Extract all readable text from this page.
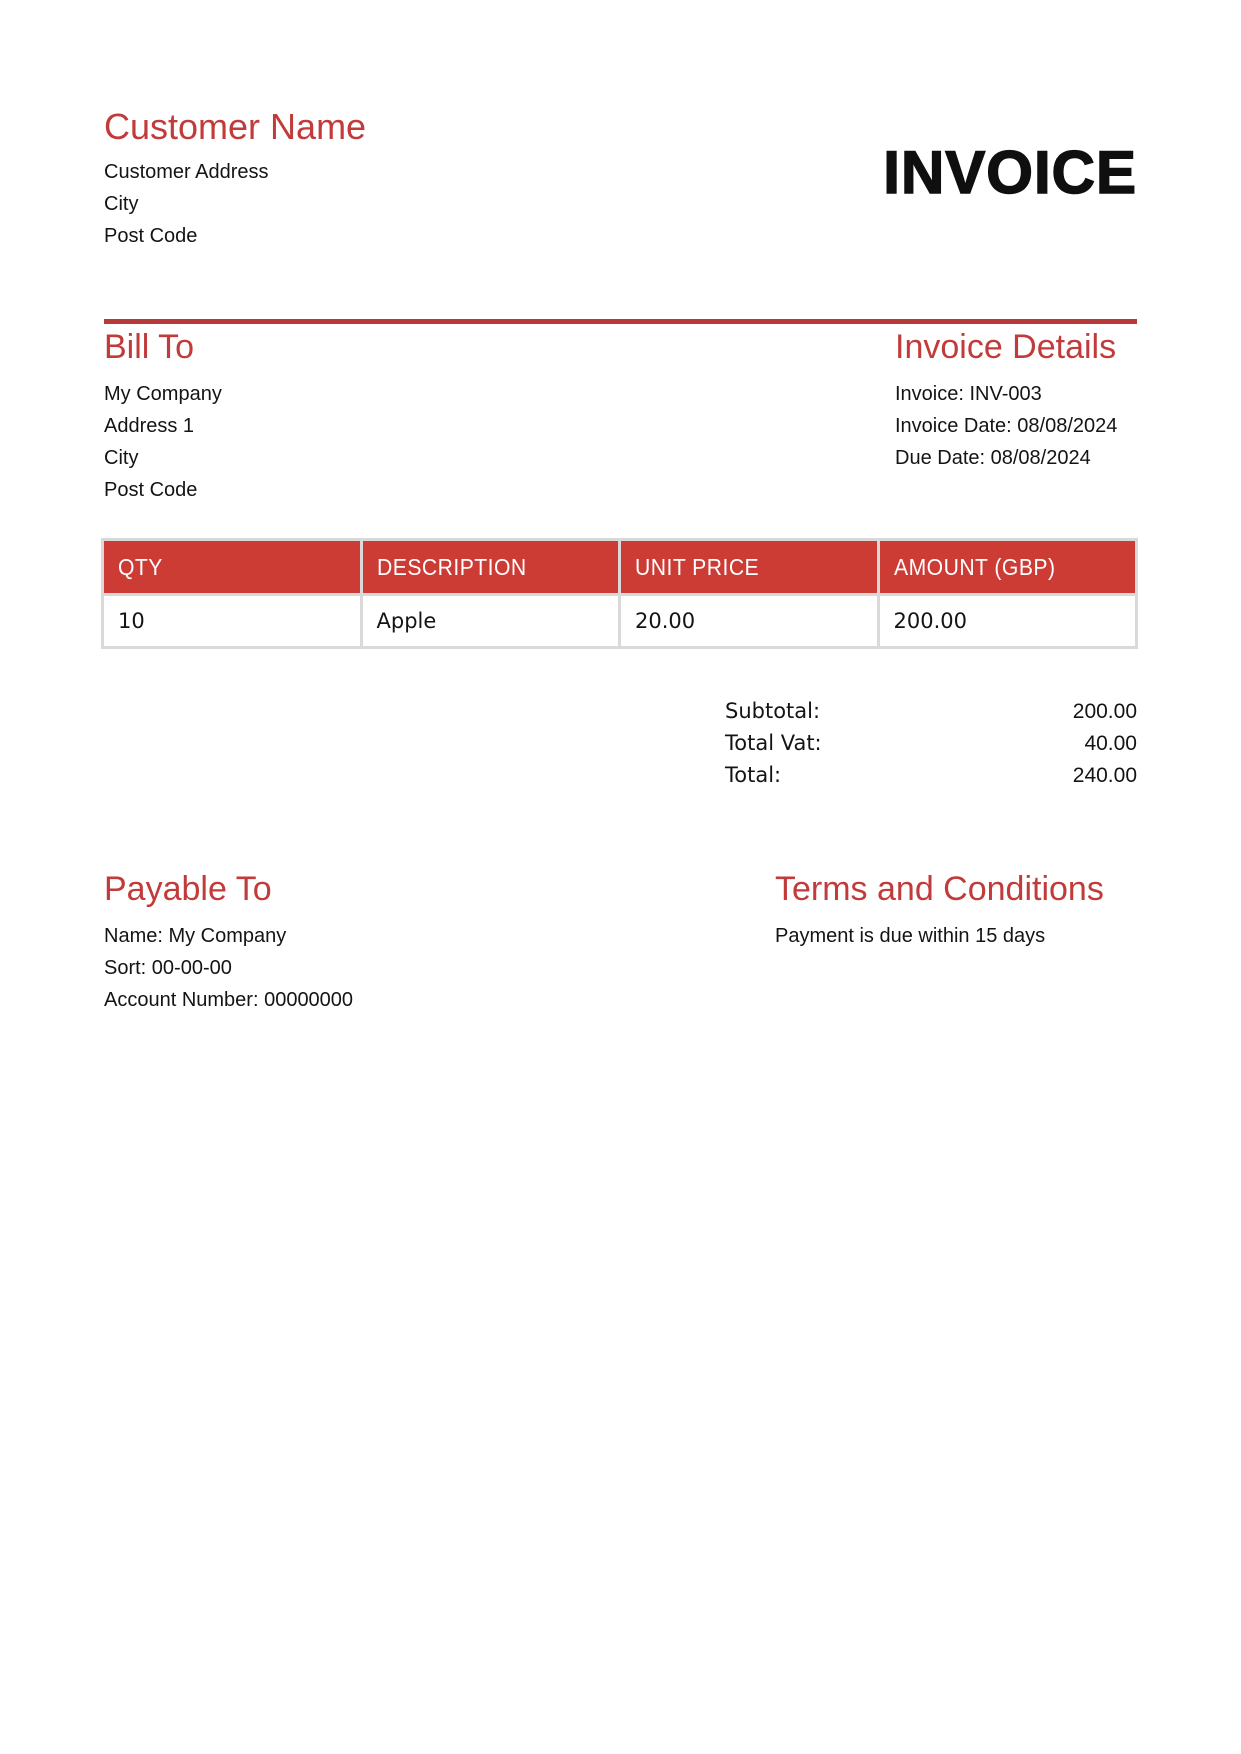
Customer Name
Customer Address
City
Post Code
INVOICE
Bill To
My Company
Address 1
City
Post Code
Invoice Details
Invoice: INV-003
Invoice Date: 08/08/2024
Due Date: 08/08/2024
QTY	DESCRIPTION	UNIT PRICE	AMOUNT (GBP)
10	Apple	20.00	200.00
Subtotal:	200.00
Total Vat:	40.00
Total:	240.00
Payable To
Name: My Company
Sort: 00-00-00
Account Number: 00000000
Terms and Conditions
Payment is due within 15 days
